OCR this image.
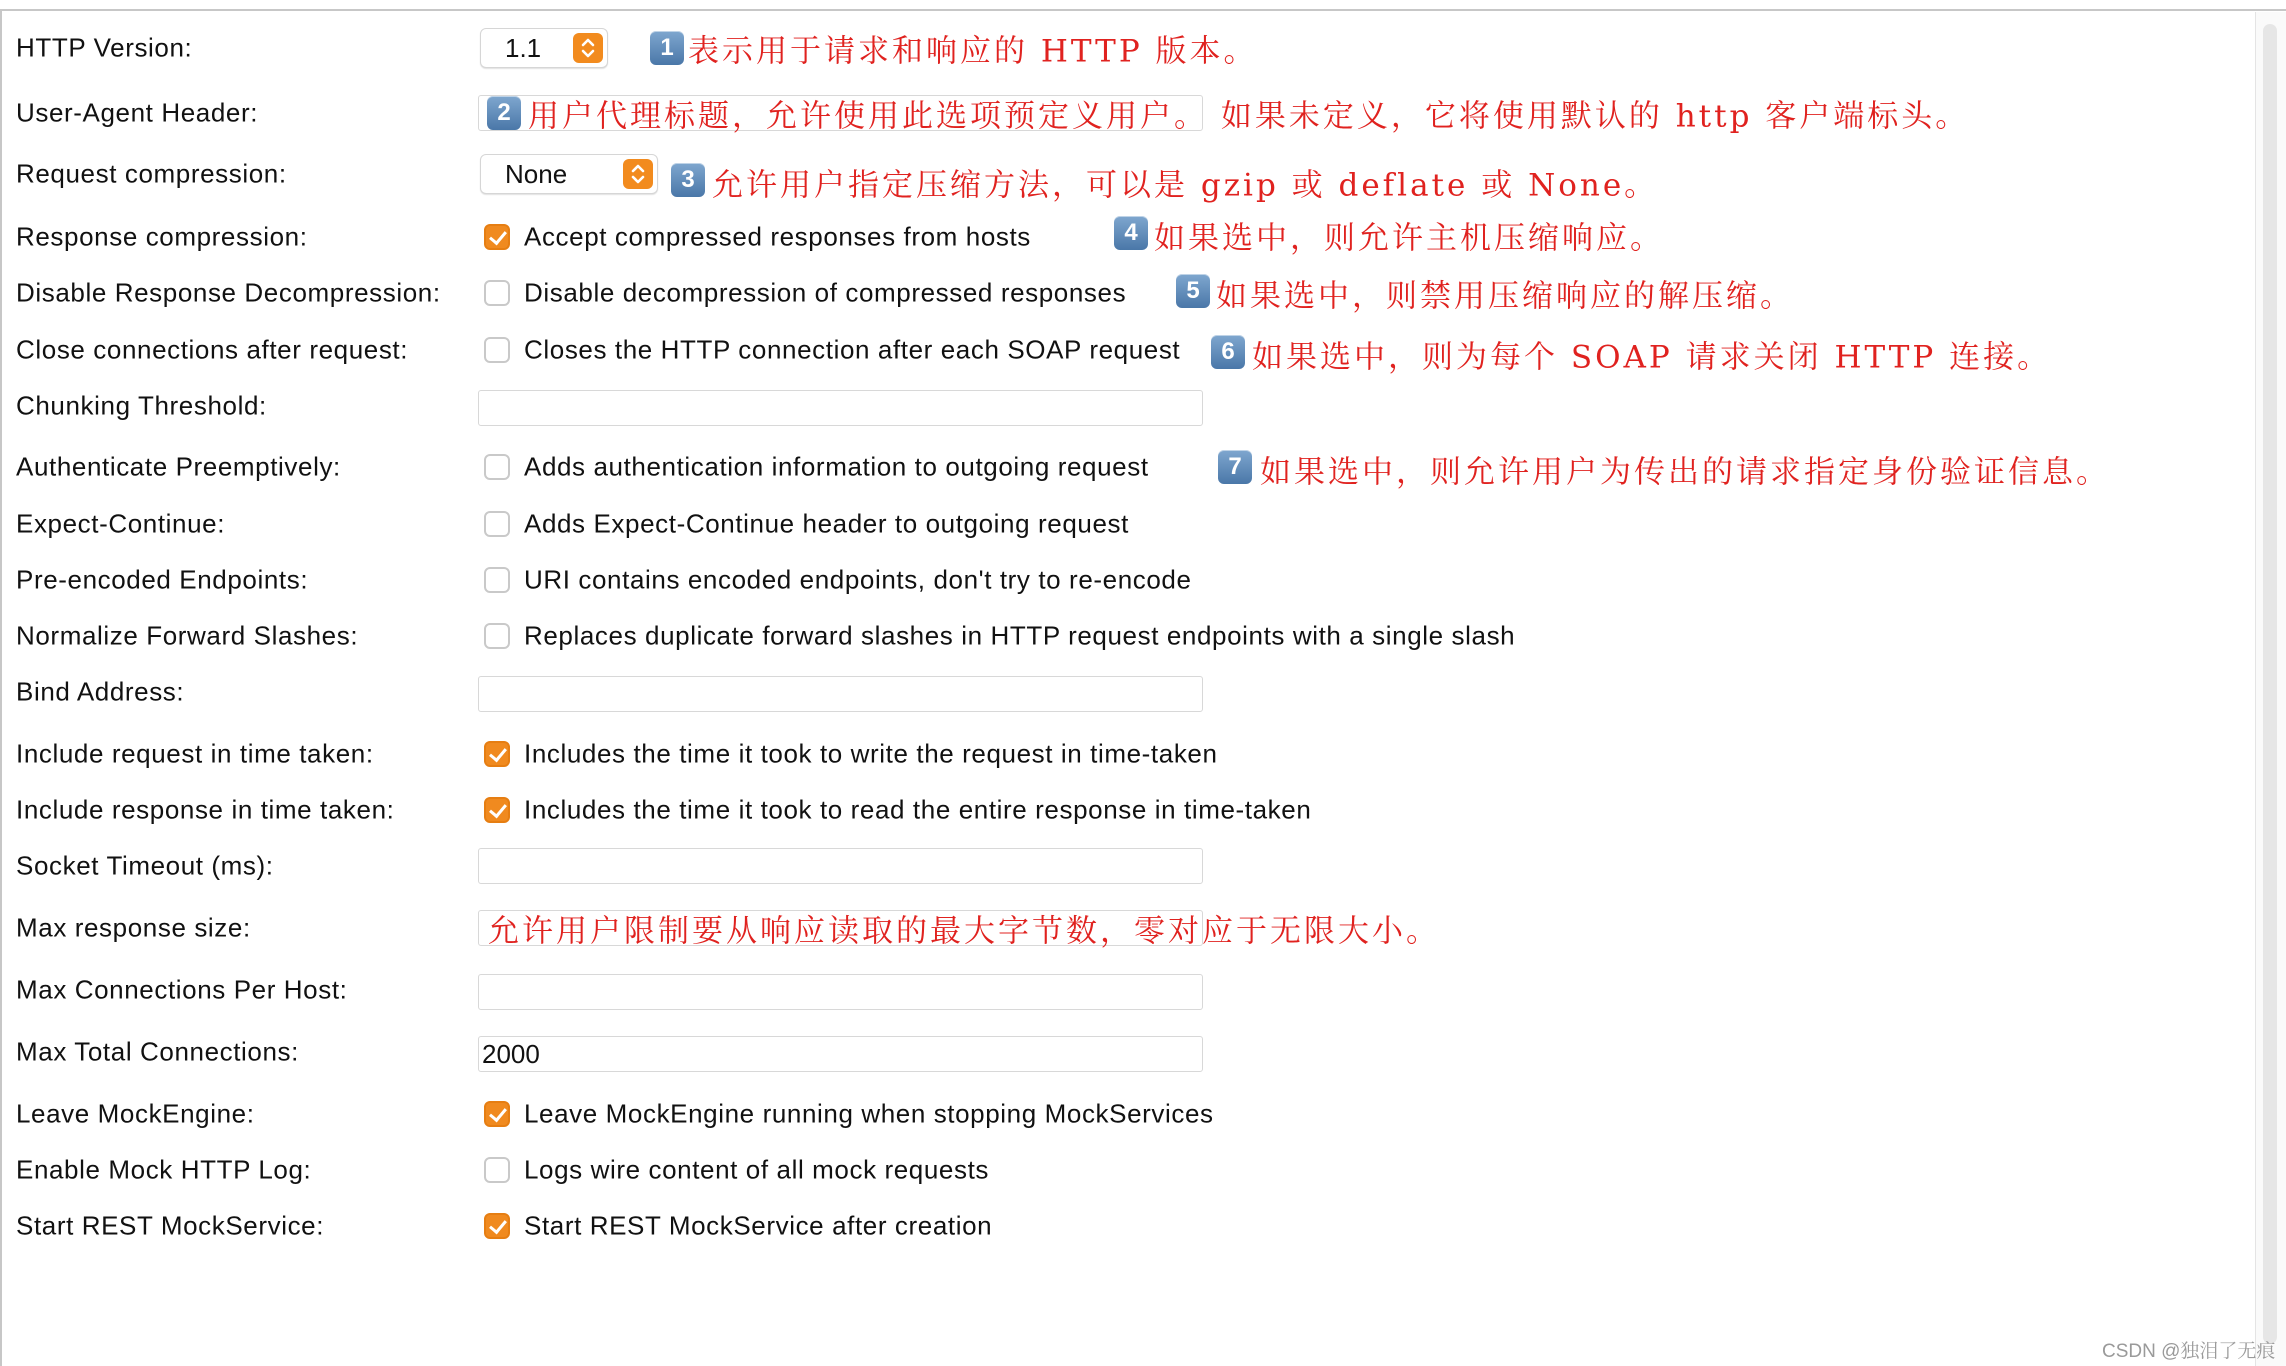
HTTP Version:	1.1	1 表示用于请求和响应的 HTTP 版本。
User-Agent Header:	2 用户代理标题，允许使用此选项预定义用户。 如果未定义，它将使用默认的 http 客户端标头。
Request compression:	None	3 允许用户指定压缩方法，可以是 gzip 或 deflate 或 None。
Response compression:	Accept compressed responses from hosts	4 如果选中，则允许主机压缩响应。
Disable Response Decompression:	Disable decompression of compressed responses	5 如果选中，则禁用压缩响应的解压缩。
Close connections after request:	Closes the HTTP connection after each SOAP request	6 如果选中，则为每个 SOAP 请求关闭 HTTP 连接。
Chunking Threshold:
Authenticate Preemptively:	Adds authentication information to outgoing request	7 如果选中，则允许用户为传出的请求指定身份验证信息。
Expect-Continue:	Adds Expect-Continue header to outgoing request
Pre-encoded Endpoints:	URI contains encoded endpoints, don't try to re-encode
Normalize Forward Slashes:	Replaces duplicate forward slashes in HTTP request endpoints with a single slash
Bind Address:
Include request in time taken:	Includes the time it took to write the request in time-taken
Include response in time taken:	Includes the time it took to read the entire response in time-taken
Socket Timeout (ms):
Max response size:	允许用户限制要从响应读取的最大字节数，零对应于无限大小。
Max Connections Per Host:
Max Total Connections:	2000
Leave MockEngine:	Leave MockEngine running when stopping MockServices
Enable Mock HTTP Log:	Logs wire content of all mock requests
Start REST MockService:	Start REST MockService after creation
CSDN @独泪了无痕
